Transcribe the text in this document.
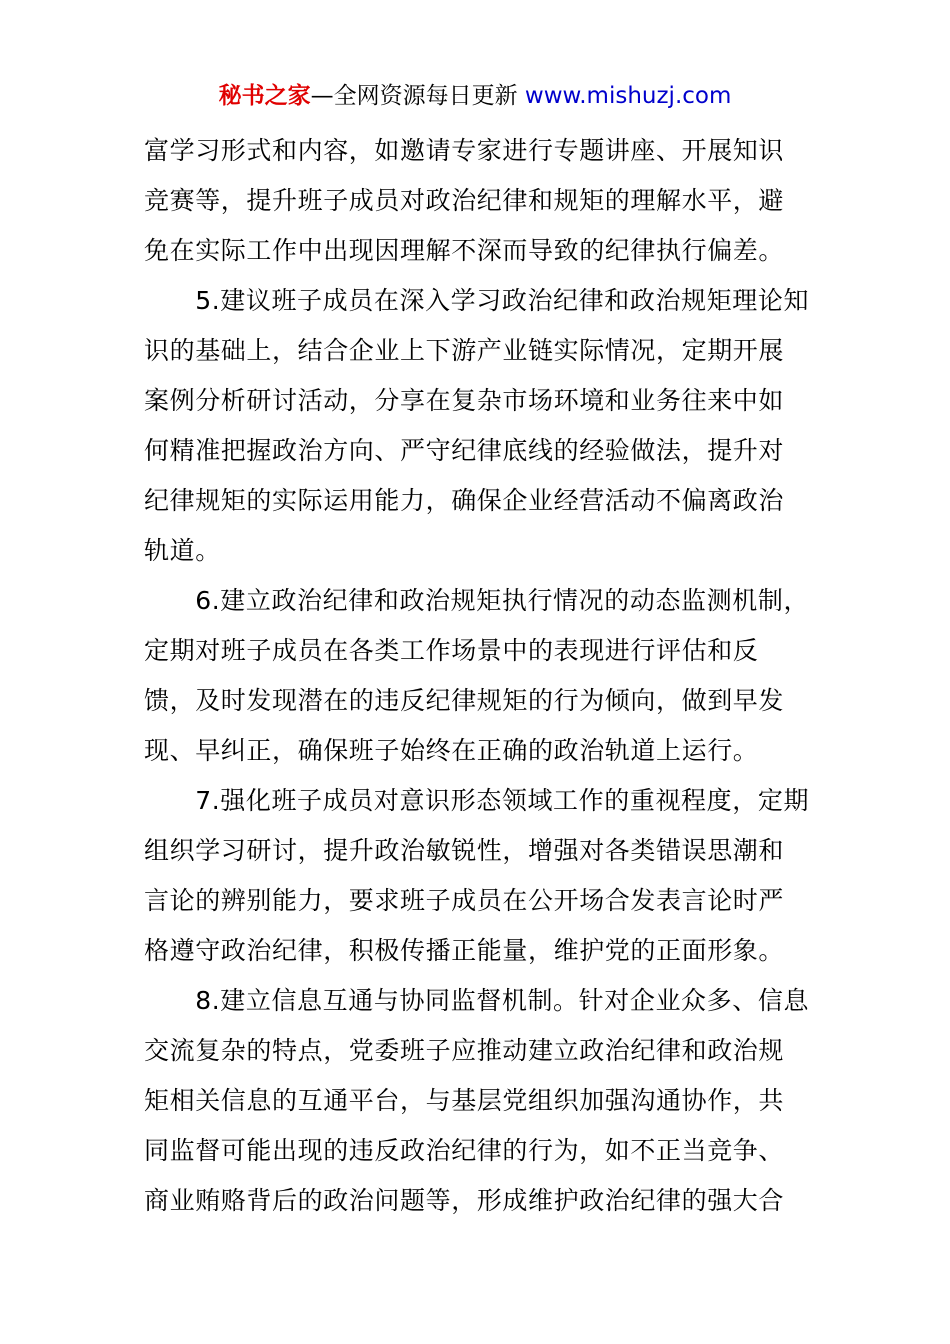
秘书之家—全网资源每日更新 www.mishuzj.com

富学习形式和内容，如邀请专家进行专题讲座、开展知识
竞赛等，提升班子成员对政治纪律和规矩的理解水平，避
免在实际工作中出现因理解不深而导致的纪律执行偏差。

　　5.建议班子成员在深入学习政治纪律和政治规矩理论知
识的基础上，结合企业上下游产业链实际情况，定期开展
案例分析研讨活动，分享在复杂市场环境和业务往来中如
何精准把握政治方向、严守纪律底线的经验做法，提升对
纪律规矩的实际运用能力，确保企业经营活动不偏离政治
轨道。

　　6.建立政治纪律和政治规矩执行情况的动态监测机制，
定期对班子成员在各类工作场景中的表现进行评估和反
馈，及时发现潜在的违反纪律规矩的行为倾向，做到早发
现、早纠正，确保班子始终在正确的政治轨道上运行。

　　7.强化班子成员对意识形态领域工作的重视程度，定期
组织学习研讨，提升政治敏锐性，增强对各类错误思潮和
言论的辨别能力，要求班子成员在公开场合发表言论时严
格遵守政治纪律，积极传播正能量，维护党的正面形象。

　　8.建立信息互通与协同监督机制。针对企业众多、信息
交流复杂的特点，党委班子应推动建立政治纪律和政治规
矩相关信息的互通平台，与基层党组织加强沟通协作，共
同监督可能出现的违反政治纪律的行为，如不正当竞争、
商业贿赂背后的政治问题等，形成维护政治纪律的强大合
